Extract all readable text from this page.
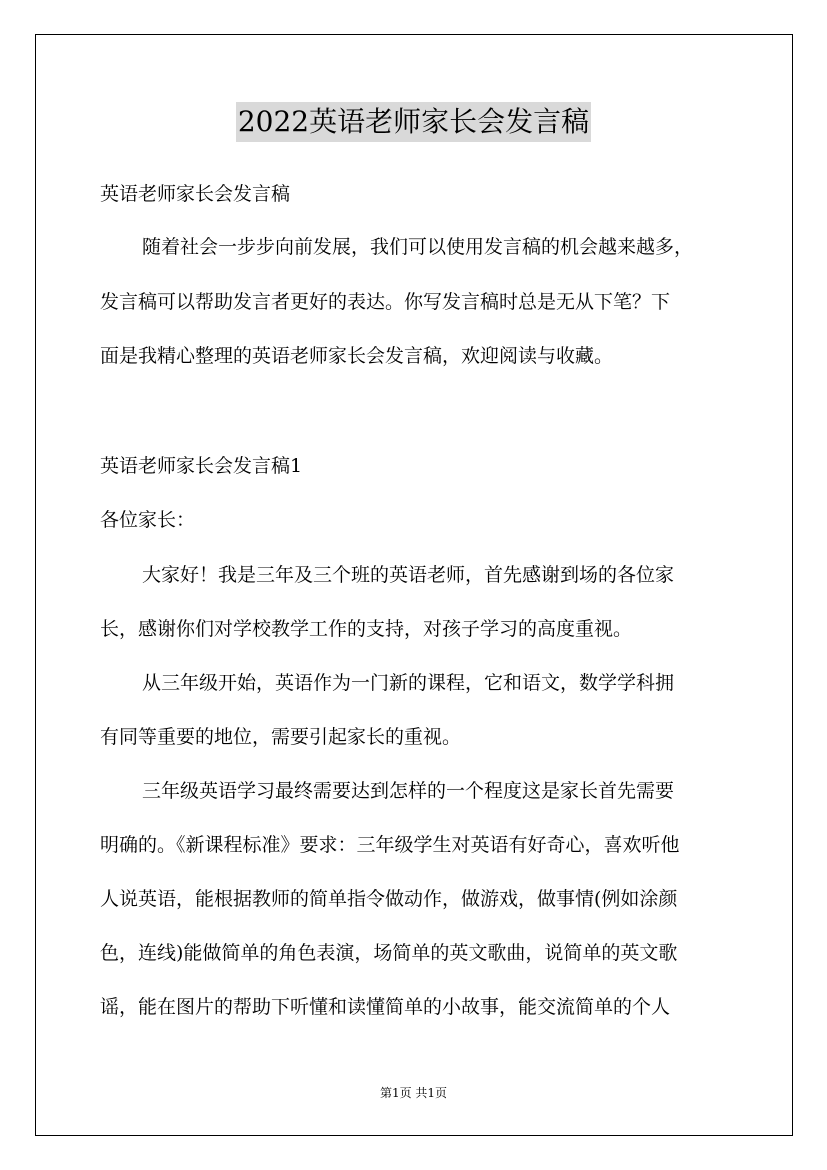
2022英语老师家长会发言稿
英语老师家长会发言稿
随着社会一步步向前发展，我们可以使用发言稿的机会越来越多，
发言稿可以帮助发言者更好的表达。你写发言稿时总是无从下笔？下
面是我精心整理的英语老师家长会发言稿，欢迎阅读与收藏。
英语老师家长会发言稿1
各位家长：
大家好！我是三年及三个班的英语老师，首先感谢到场的各位家
长，感谢你们对学校教学工作的支持，对孩子学习的高度重视。
从三年级开始，英语作为一门新的课程，它和语文，数学学科拥
有同等重要的地位，需要引起家长的重视。
三年级英语学习最终需要达到怎样的一个程度这是家长首先需要
明确的。《新课程标准》要求：三年级学生对英语有好奇心，喜欢听他
人说英语，能根据教师的简单指令做动作，做游戏，做事情(例如涂颜
色，连线)能做简单的角色表演，场简单的英文歌曲，说简单的英文歌
谣，能在图片的帮助下听懂和读懂简单的小故事，能交流简单的个人
第1页 共1页
